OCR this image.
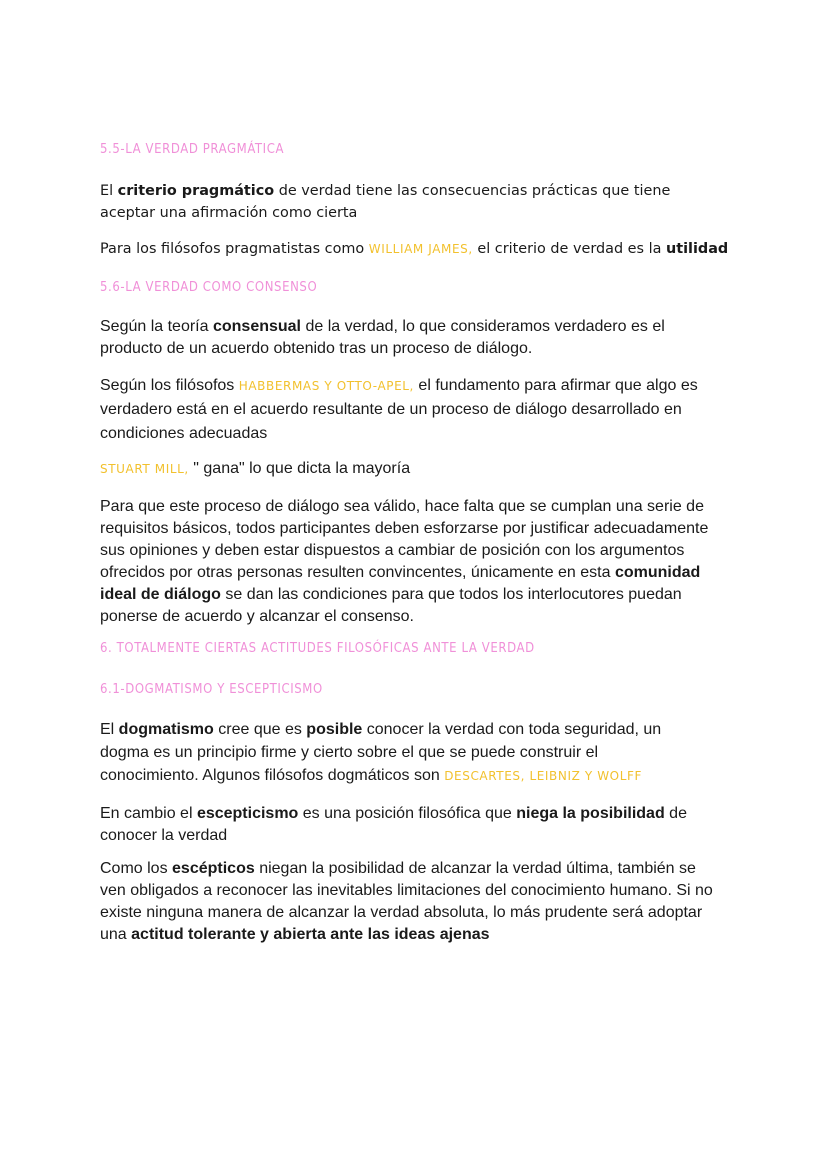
5.5-LA VERDAD PRAGMÁTICA

El criterio pragmático de verdad tiene las consecuencias prácticas que tiene aceptar una afirmación como cierta

Para los filósofos pragmatistas como WILLIAM JAMES, el criterio de verdad es la utilidad

5.6-LA VERDAD COMO CONSENSO

Según la teoría consensual de la verdad, lo que consideramos verdadero es el producto de un acuerdo obtenido tras un proceso de diálogo.

Según los filósofos HABBERMAS Y OTTO-APEL, el fundamento para afirmar que algo es verdadero está en el acuerdo resultante de un proceso de diálogo desarrollado en condiciones adecuadas

STUART MILL, " gana" lo que dicta la mayoría

Para que este proceso de diálogo sea válido, hace falta que se cumplan una serie de requisitos básicos, todos participantes deben esforzarse por justificar adecuadamente sus opiniones y deben estar dispuestos a cambiar de posición con los argumentos ofrecidos por otras personas resulten convincentes, únicamente en esta comunidad ideal de diálogo se dan las condiciones para que todos los interlocutores puedan ponerse de acuerdo y alcanzar el consenso.

6. TOTALMENTE CIERTAS ACTITUDES FILOSÓFICAS ANTE LA VERDAD
6.1-DOGMATISMO Y ESCEPTICISMO

El dogmatismo cree que es posible conocer la verdad con toda seguridad, un dogma es un principio firme y cierto sobre el que se puede construir el conocimiento. Algunos filósofos dogmáticos son DESCARTES, LEIBNIZ Y WOLFF

En cambio el escepticismo es una posición filosófica que niega la posibilidad de conocer la verdad

Como los escépticos niegan la posibilidad de alcanzar la verdad última, también se ven obligados a reconocer las inevitables limitaciones del conocimiento humano. Si no existe ninguna manera de alcanzar la verdad absoluta, lo más prudente será adoptar una actitud tolerante y abierta ante las ideas ajenas
